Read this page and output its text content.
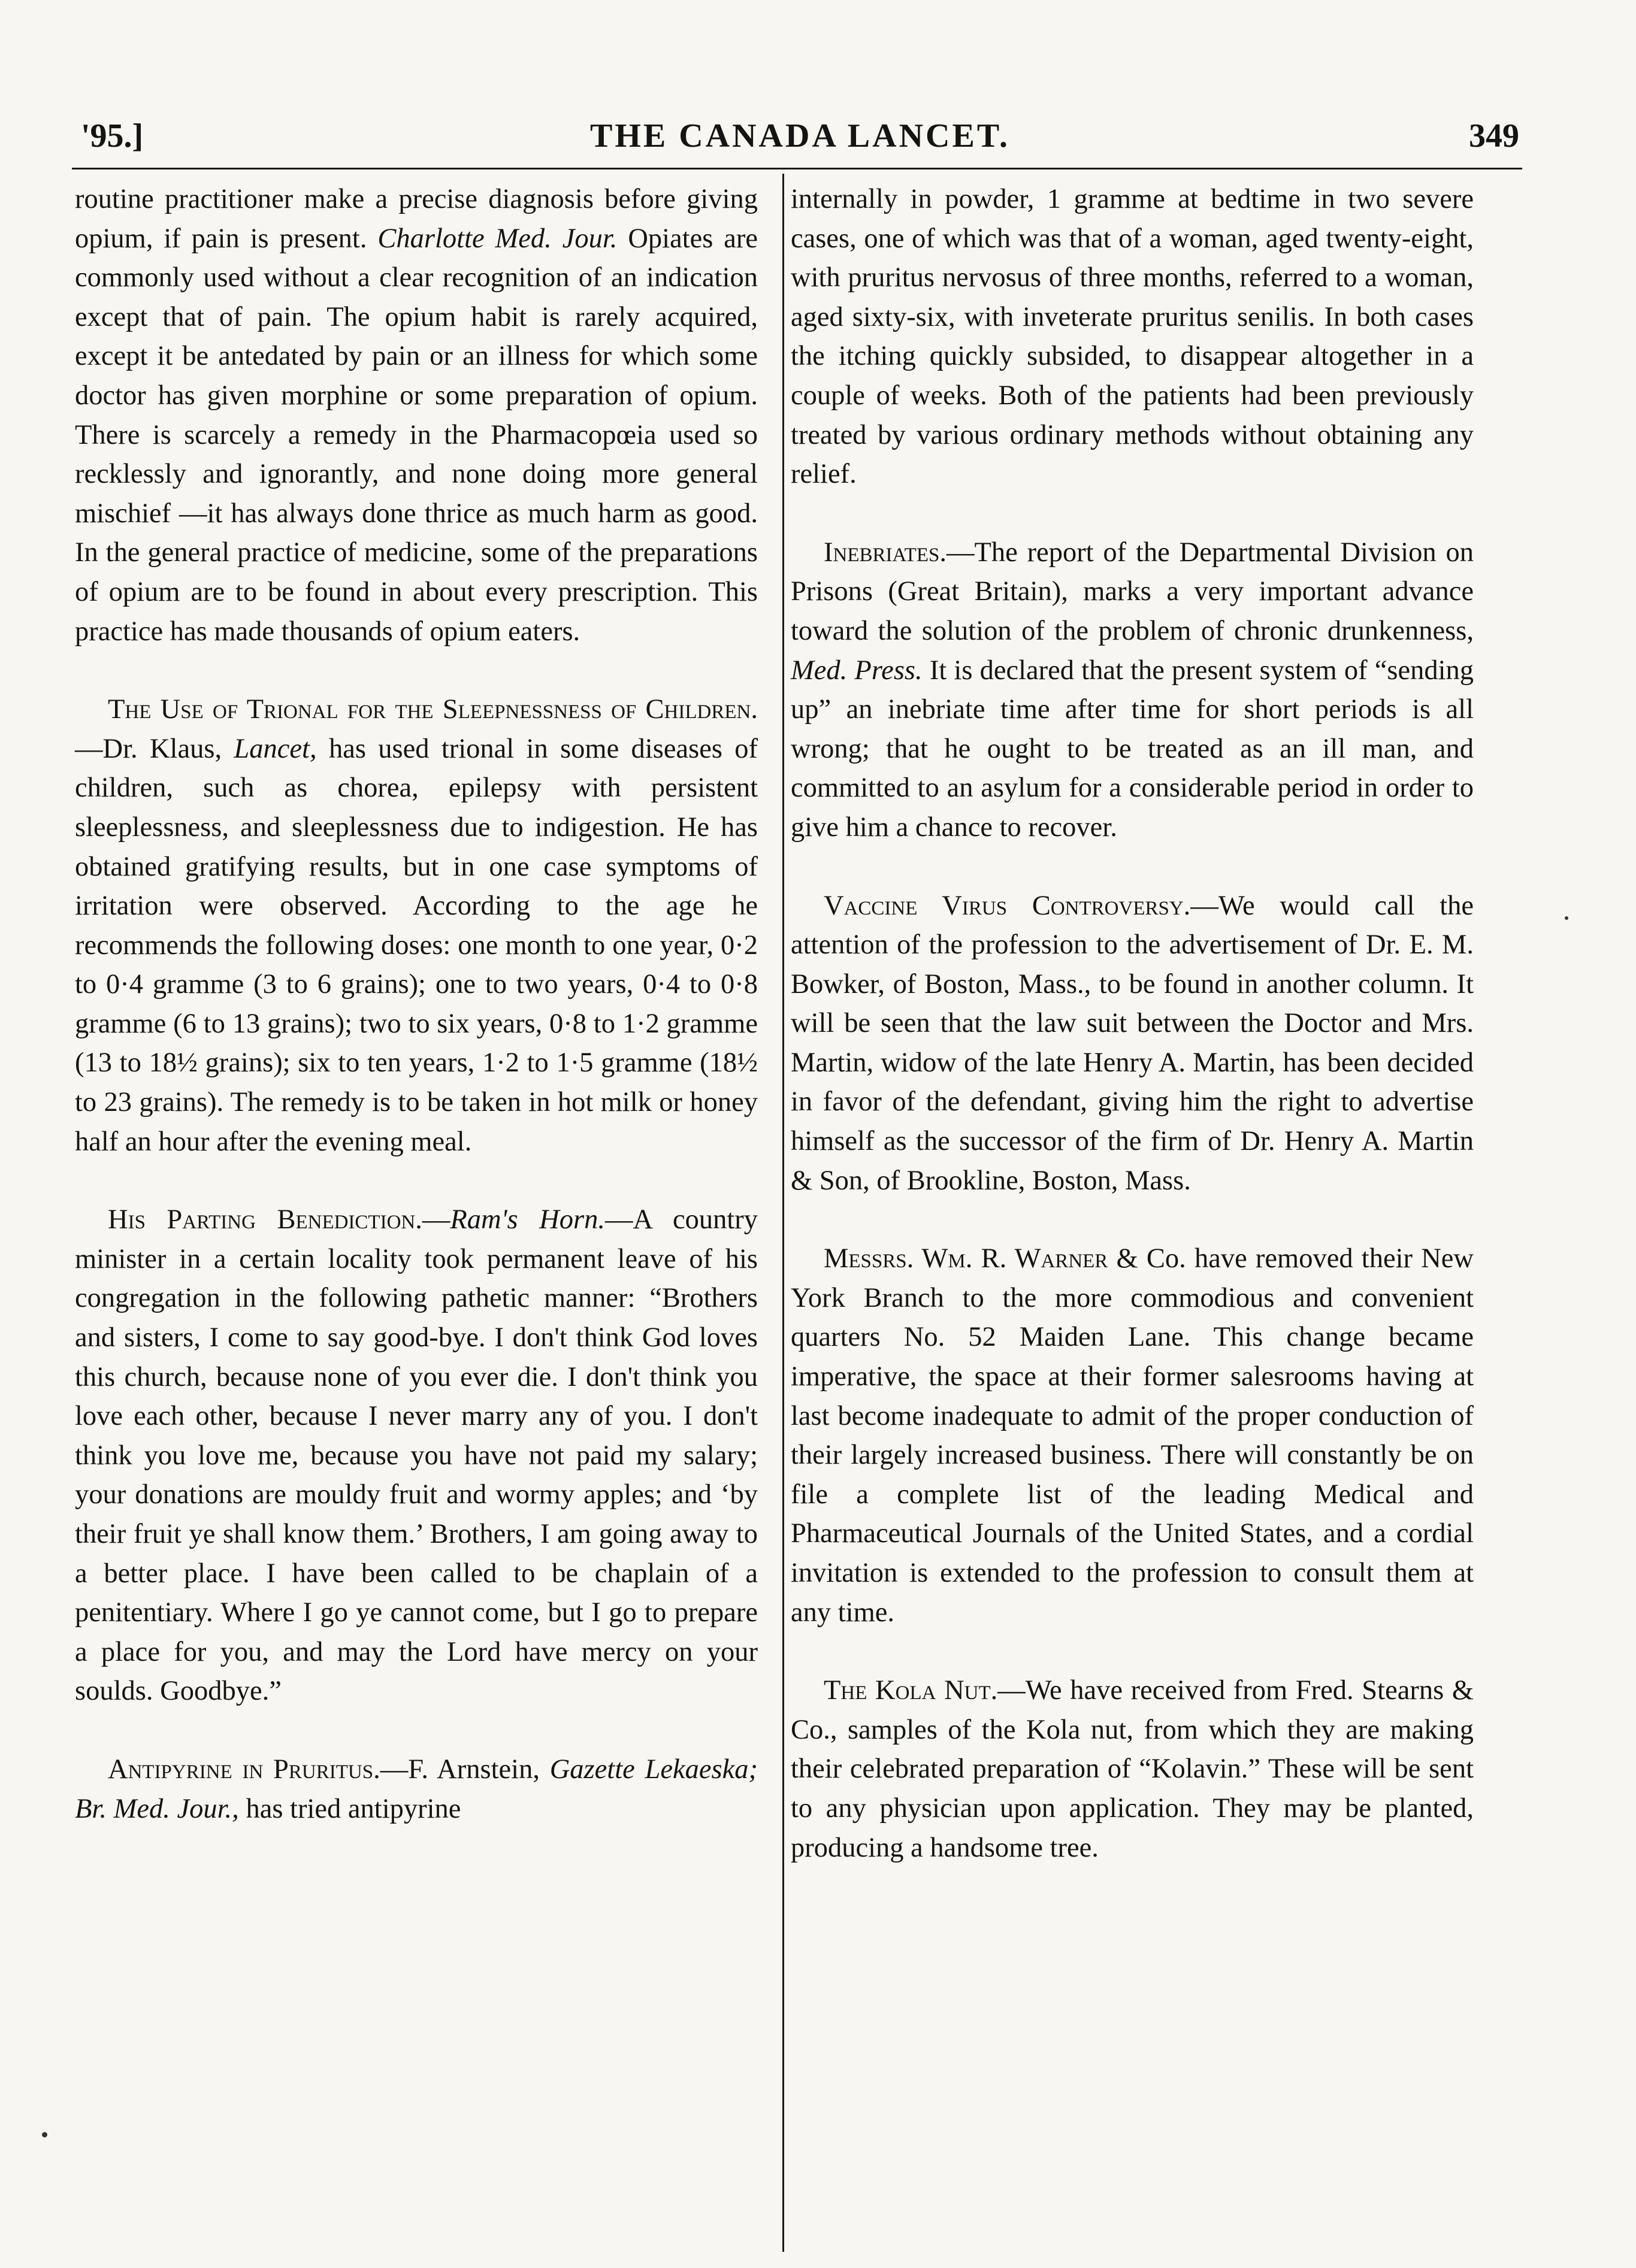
'95.]	THE CANADA LANCET.	349

routine practitioner make a precise diagnosis before giving opium, if pain is present. Charlotte Med. Jour. Opiates are commonly used without a clear recognition of an indication except that of pain. The opium habit is rarely acquired, except it be antedated by pain or an illness for which some doctor has given morphine or some preparation of opium. There is scarcely a remedy in the Pharmacopœia used so recklessly and ignorantly, and none doing more general mischief —it has always done thrice as much harm as good. In the general practice of medicine, some of the preparations of opium are to be found in about every prescription. This practice has made thousands of opium eaters.

The Use of Trional for the Sleepnessness of Children.—Dr. Klaus, Lancet, has used trional in some diseases of children, such as chorea, epilepsy with persistent sleeplessness, and sleeplessness due to indigestion. He has obtained gratifying results, but in one case symptoms of irritation were observed. According to the age he recommends the following doses: one month to one year, 0·2 to 0·4 gramme (3 to 6 grains); one to two years, 0·4 to 0·8 gramme (6 to 13 grains); two to six years, 0·8 to 1·2 gramme (13 to 18½ grains); six to ten years, 1·2 to 1·5 gramme (18½ to 23 grains). The remedy is to be taken in hot milk or honey half an hour after the evening meal.

His Parting Benediction.—Ram's Horn.—A country minister in a certain locality took permanent leave of his congregation in the following pathetic manner: “Brothers and sisters, I come to say good-bye. I don't think God loves this church, because none of you ever die. I don't think you love each other, because I never marry any of you. I don't think you love me, because you have not paid my salary; your donations are mouldy fruit and wormy apples; and ‘by their fruit ye shall know them.’ Brothers, I am going away to a better place. I have been called to be chaplain of a penitentiary. Where I go ye cannot come, but I go to prepare a place for you, and may the Lord have mercy on your soulds. Goodbye.”

Antipyrine in Pruritus.—F. Arnstein, Gazette Lekaeska; Br. Med. Jour., has tried antipyrine

internally in powder, 1 gramme at bedtime in two severe cases, one of which was that of a woman, aged twenty-eight, with pruritus nervosus of three months, referred to a woman, aged sixty-six, with inveterate pruritus senilis. In both cases the itching quickly subsided, to disappear altogether in a couple of weeks. Both of the patients had been previously treated by various ordinary methods without obtaining any relief.

Inebriates.—The report of the Departmental Division on Prisons (Great Britain), marks a very important advance toward the solution of the problem of chronic drunkenness, Med. Press. It is declared that the present system of “sending up” an inebriate time after time for short periods is all wrong; that he ought to be treated as an ill man, and committed to an asylum for a considerable period in order to give him a chance to recover.

Vaccine Virus Controversy.—We would call the attention of the profession to the advertisement of Dr. E. M. Bowker, of Boston, Mass., to be found in another column. It will be seen that the law suit between the Doctor and Mrs. Martin, widow of the late Henry A. Martin, has been decided in favor of the defendant, giving him the right to advertise himself as the successor of the firm of Dr. Henry A. Martin & Son, of Brookline, Boston, Mass.

Messrs. Wm. R. Warner & Co. have removed their New York Branch to the more commodious and convenient quarters No. 52 Maiden Lane. This change became imperative, the space at their former salesrooms having at last become inadequate to admit of the proper conduction of their largely increased business. There will constantly be on file a complete list of the leading Medical and Pharmaceutical Journals of the United States, and a cordial invitation is extended to the profession to consult them at any time.

The Kola Nut.—We have received from Fred. Stearns & Co., samples of the Kola nut, from which they are making their celebrated preparation of “Kolavin.” These will be sent to any physician upon application. They may be planted, producing a handsome tree.
